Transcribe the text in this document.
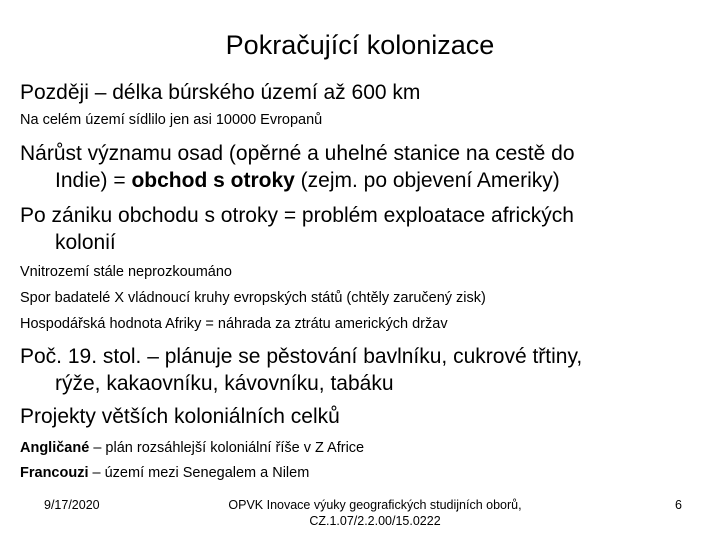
Pokračující kolonizace
Později – délka búrského území až 600 km
Na celém území sídlilo jen asi 10000 Evropanů
Nárůst významu osad (opěrné a uhelné stanice na cestě do
Indie) = obchod s otroky (zejm. po objevení Ameriky)
Po zániku obchodu s otroky = problém exploatace afrických
kolonií
Vnitrozemí stále neprozkoumáno
Spor badatelé X vládnoucí kruhy evropských států (chtěly zaručený zisk)
Hospodářská hodnota Afriky = náhrada za ztrátu amerických držav
Poč. 19. stol. – plánuje se pěstování bavlníku, cukrové třtiny,
rýže, kakaovníku, kávovníku, tabáku
Projekty větších koloniálních celků
Angličané – plán rozsáhlejší koloniální říše v Z Africe
Francouzi – území mezi Senegalem a Nilem
9/17/2020	OPVK Inovace výuky geografických studijních oborů,
CZ.1.07/2.2.00/15.0222
6
